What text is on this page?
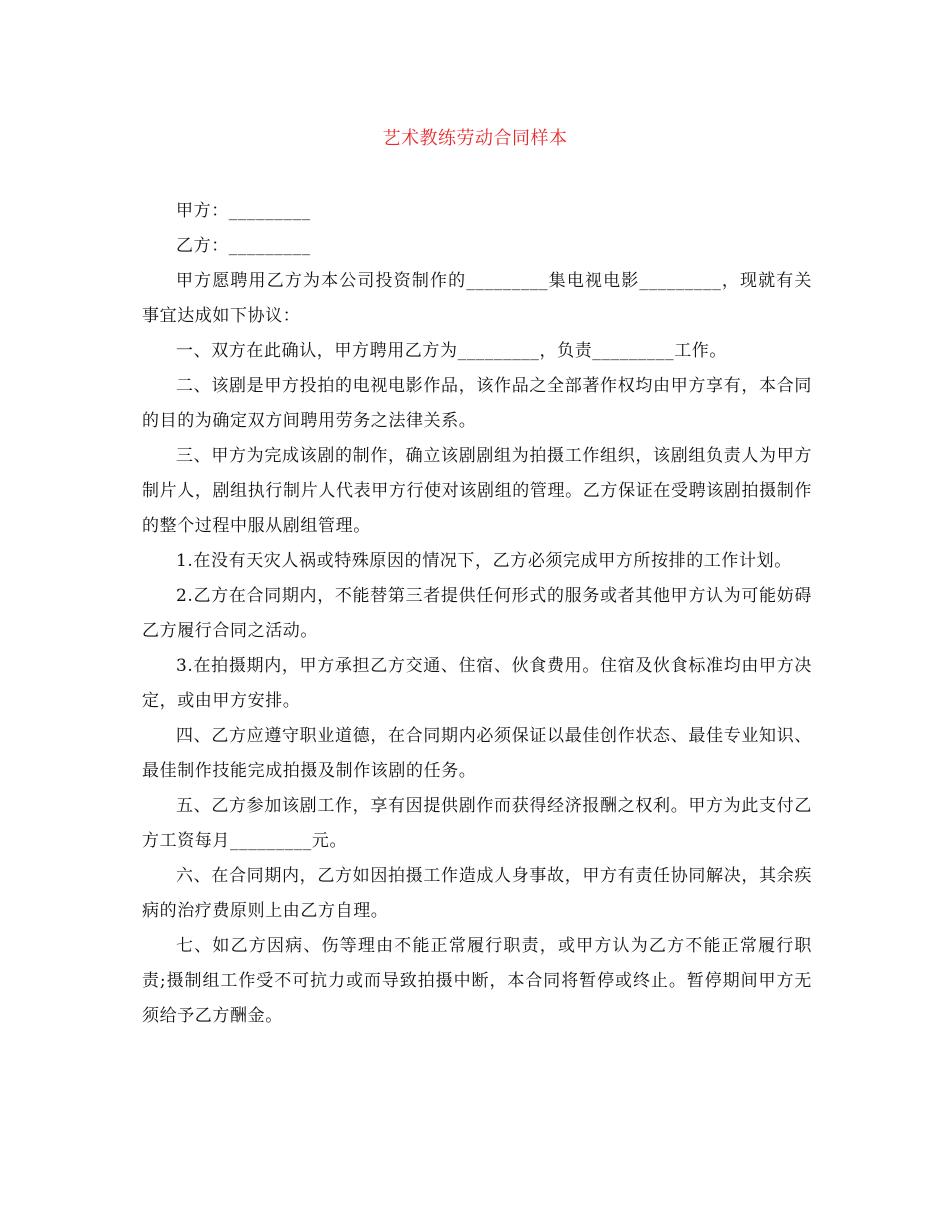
艺术教练劳动合同样本

甲方：_________

乙方：_________

甲方愿聘用乙方为本公司投资制作的_________集电视电影_________，现就有关事宜达成如下协议：

一、双方在此确认，甲方聘用乙方为_________，负责_________工作。

二、该剧是甲方投拍的电视电影作品，该作品之全部著作权均由甲方享有，本合同的目的为确定双方间聘用劳务之法律关系。

三、甲方为完成该剧的制作，确立该剧剧组为拍摄工作组织，该剧组负责人为甲方制片人，剧组执行制片人代表甲方行使对该剧组的管理。乙方保证在受聘该剧拍摄制作的整个过程中服从剧组管理。

1.在没有天灾人祸或特殊原因的情况下，乙方必须完成甲方所按排的工作计划。

2.乙方在合同期内，不能替第三者提供任何形式的服务或者其他甲方认为可能妨碍乙方履行合同之活动。

3.在拍摄期内，甲方承担乙方交通、住宿、伙食费用。住宿及伙食标准均由甲方决定，或由甲方安排。

四、乙方应遵守职业道德，在合同期内必须保证以最佳创作状态、最佳专业知识、最佳制作技能完成拍摄及制作该剧的任务。

五、乙方参加该剧工作，享有因提供剧作而获得经济报酬之权利。甲方为此支付乙方工资每月_________元。

六、在合同期内，乙方如因拍摄工作造成人身事故，甲方有责任协同解决，其余疾病的治疗费原则上由乙方自理。

七、如乙方因病、伤等理由不能正常履行职责，或甲方认为乙方不能正常履行职责;摄制组工作受不可抗力或而导致拍摄中断，本合同将暂停或终止。暂停期间甲方无须给予乙方酬金。
